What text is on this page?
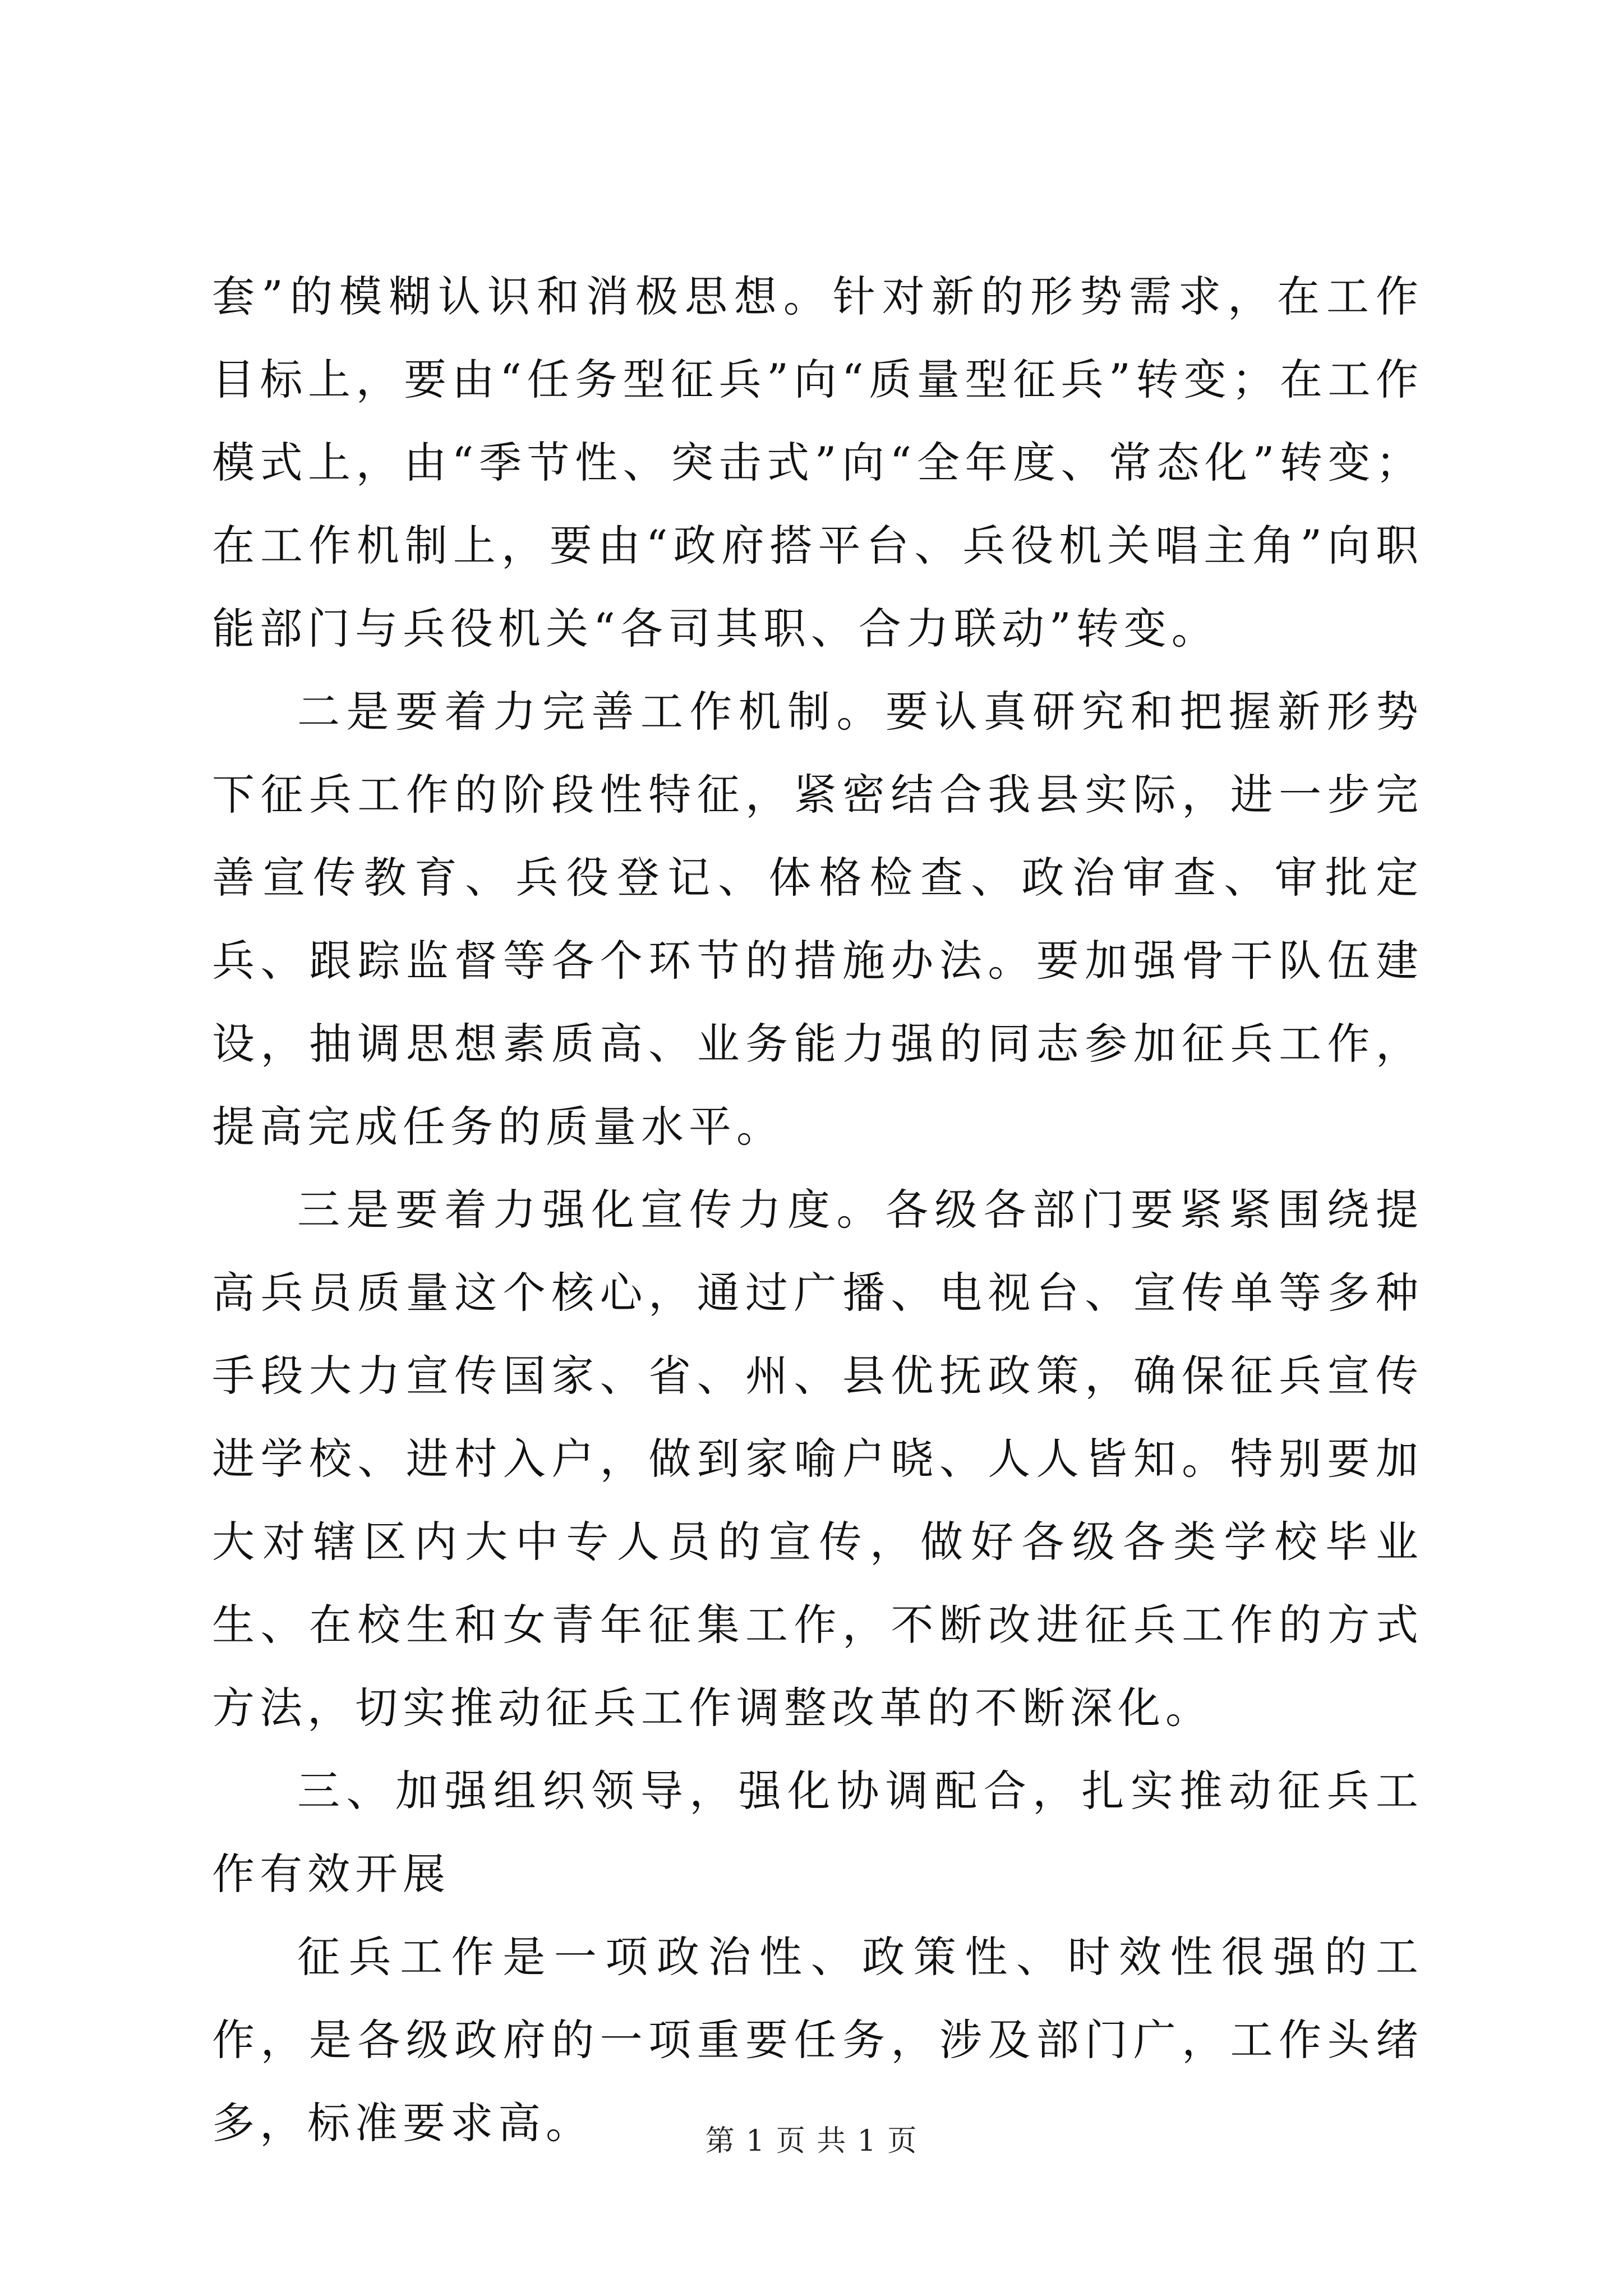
套”的模糊认识和消极思想。针对新的形势需求，在工作目标上，要由“任务型征兵”向“质量型征兵”转变；在工作模式上，由“季节性、突击式”向“全年度、常态化”转变；在工作机制上，要由“政府搭平台、兵役机关唱主角”向职能部门与兵役机关“各司其职、合力联动”转变。

二是要着力完善工作机制。要认真研究和把握新形势下征兵工作的阶段性特征，紧密结合我县实际，进一步完善宣传教育、兵役登记、体格检查、政治审查、审批定兵、跟踪监督等各个环节的措施办法。要加强骨干队伍建设，抽调思想素质高、业务能力强的同志参加征兵工作，提高完成任务的质量水平。

三是要着力强化宣传力度。各级各部门要紧紧围绕提高兵员质量这个核心，通过广播、电视台、宣传单等多种手段大力宣传国家、省、州、县优抚政策，确保征兵宣传进学校、进村入户，做到家喻户晓、人人皆知。特别要加大对辖区内大中专人员的宣传，做好各级各类学校毕业生、在校生和女青年征集工作，不断改进征兵工作的方式方法，切实推动征兵工作调整改革的不断深化。

三、加强组织领导，强化协调配合，扎实推动征兵工作有效开展

征兵工作是一项政治性、政策性、时效性很强的工作，是各级政府的一项重要任务，涉及部门广，工作头绪多，标准要求高。	第 1 页 共 1 页
